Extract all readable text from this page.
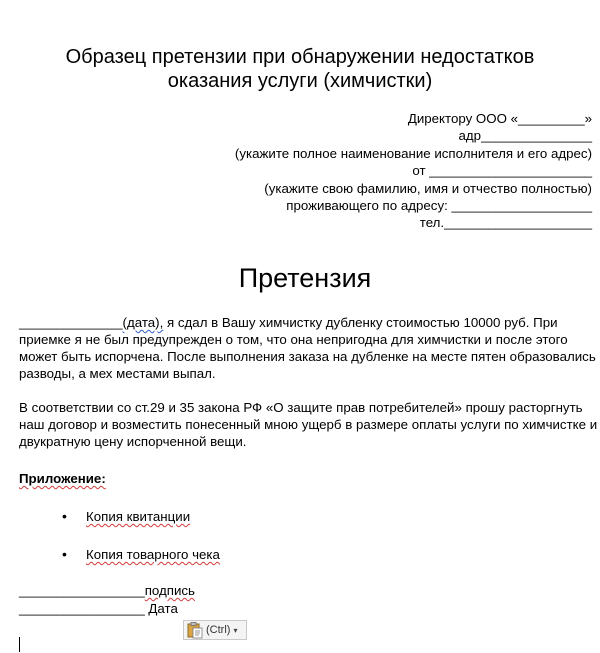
Образец претензии при обнаружении недостатков
оказания услуги (химчистки)
Директору ООО «_________»
адр_______________
(укажите полное наименование исполнителя и его адрес)
от ______________________
(укажите свою фамилию, имя и отчество полностью)
проживающего по адресу: ___________________
тел.____________________
Претензия
______________(дата), я сдал в Вашу химчистку дубленку стоимостью 10000 руб. При приемке я не был предупрежден о том, что она непригодна для химчистки и после этого может быть испорчена. После выполнения заказа на дубленке на месте пятен образовались разводы, а мех местами выпал.
В соответствии со ст.29 и 35 закона РФ «О защите прав потребителей» прошу расторгнуть наш договор и возместить понесенный мною ущерб в размере оплаты услуги по химчистке и двукратную цену испорченной вещи.
Приложение:
•	Копия квитанции
•	Копия товарного чека
_________________подпись
_________________ Дата
(Ctrl) ▾
